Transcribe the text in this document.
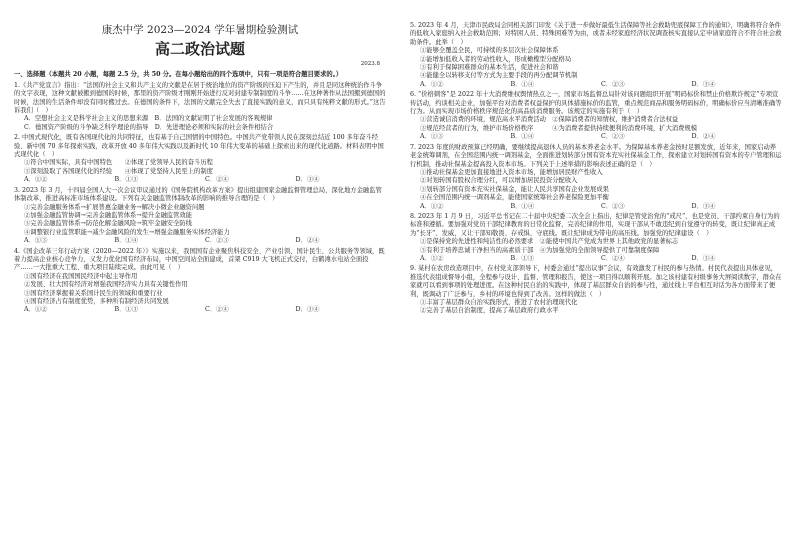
康杰中学 2023—2024 学年暑期检验测试
高二政治试题
2023.8

一、选择题（本题共 20 小题，每题 2.5 分，共 50 分。在每小题给出的四个选项中，只有一项是符合题目要求的。）

1.《共产党宣言》指出：“法国的社会主义和共产主义的文献是在居于统治地位的资产阶级的压迫下产生的，并且是同这种统治作斗争的文字表现，这种文献被搬到德国的时候，那里的资产阶级才刚刚开始进行反对封建专制制度的斗争……在这种著作从法国搬到德国的时候，法国的生活条件却没有同时搬过去。在德国的条件下，法国的文献完全失去了直接实践的意义，而只具有纯粹文献的形式。”这告诉我们（　）

A．空想社会主义是科学社会主义的思想来源　B．法国的文献证明了社会发展的客观规律

C．德国资产阶级的斗争缺乏科学理论的指导　D．先进理论必须和实际的社会条件相结合

2. 中国式现代化，既有各国现代化的共同特征，也有基于自己国情的中国特色。中国共产党带领人民在深刻总结近 100 多年奋斗经验、新中国 70 多年探索实践，改革开放 40 多年伟大实践以及新时代 10 年伟大变革的基础上探索出来的现代化道路。材料表明中国式现代化（　）

①符合中国实际，具有中国特色　　②体现了党领导人民的奋斗历程

③深刻汲取了各国现代化的经验　　④体现了党坚持人民至上的制度

A．①②	B．①③	C．②④	D．③④

3. 2023 年 3 月，十四届全国人大一次会议审议通过的《国务院机构改革方案》提出组建国家金融监督管理总局，深化地方金融监管体制改革，推进高标准市场体系建设。下列有关金融监管体制改革的影响的推导合理的是（　）

①完善金融服务体系→扩展普惠金融业务→解决小微企业融资问题

②加强金融监管协调→完善金融监管体系→提升金融监管效能

③完善金融监管体系→防范化解金融风险→筑牢金融安全防线

④调整银行业监管职能→减少金融风险的发生→增强金融服务实体经济能力

A．①③	B．①④	C．②③	D．②④

4.《国企改革三年行动方案（2020—2022 年）》实施以来，我国国有企业聚焦科技安全、产业引领、国计民生、公共服务等领域，既着力提高企业核心竞争力，又发力优化国有经济布局，中国空间站全面建成，首架 C919 大飞机正式交付，白鹤滩水电站全面投产……一大批重大工程、重大项目陆续完成。由此可见（　）

①国有经济在我国国民经济中起主导作用

②发展、壮大国有经济对增强我国经济实力具有关键性作用

③国有经济掌握着关系国计民生的领域和重要行业

④国有经济占有制度优势，多种所有制经济共同发展

A．①②	B．①③	C．②④	D．③④

5. 2023 年 4 月，天津市民政局会同相关部门印发《关于进一步做好最低生活保障等社会救助兜底保障工作的通知》，明确将符合条件的低收入家庭纳入社会救助范围；对特困人员、特殊困难等为由，或者未经家庭经济状况调查核实直接认定申请家庭符合不符合社会救助条件。此举（　）

①能够全覆盖全民，可持续的多层次社会保障体系

②能增加低收入者的劳动性收入，形成橄榄型分配格局

③有利于保障困难群众的基本生活，促进社会和谐

④能健全以转移支付等方式为主要手段的再分配调节机制

A．①②	B．①④	C．②③	D．③④

6. “价格刺客”是 2022 年十大消费维权舆情热点之一，国家市场监督总局针对该问题组织开展“明码标价和禁止价格欺诈规定”专项宣传活动，约谈相关企业，加强平台对消费者权益保护的具体措施标价的监管，重点规范商品和服务明码标价，明确标价应当清晰准确等行为。从而实现市场价格秩序规范化的高品质消费服务。该规定的实施有利于（　）

①营造诚信消费的环境，规范高水平消费活动　②保障消费者的知情权，维护消费者合法权益

③规范经营者的行为，维护市场价格秩序　　　④为消费者提供持续便利的消费环境，扩大消费规模

A．①③	B．①④	C．②③	D．②④

7. 2023 年度的财政预算已经明确，要继续提高退休人员的基本养老金水平。为保障基本养老金按时足额发放，近年来，国家启动养老金统筹调剂，在全国范围内统一调剂基金，全面推进划转部分国有资本充实社保基金工作，探索建立对划转国有资本的专户管理和运行机制，推动社保基金提高投入资本市场。下列关于上述举措的影响表述正确的是（　）

①推动社保基金更加直接地进入资本市场，能增加居民财产性收入

②对划转国有股权合理分红，可以增加居民投资分配收入

③划转部分国有资本充实社保基金，能让人民共享国有企业发展成果

④在全国范围内统一调剂基金，能使国家统筹社会养老保险更加平衡

A．①②	B．①④	C．②③	D．③④

8. 2023 年 1 月 9 日，习近平总书记在二十届中央纪委二次全会上指出，纪律是管党治党的“戒尺”，也是党员、干部约束自身行为的标准和遵循。要加强对党员干部纪律教育的日常化监督，完善纪律的作用，实现干部从不敢违纪到自觉遵守的转变，既让纪律真正成为“长牙”、发威，又让干部知敬畏、存戒惧、守底线。既让纪律成为带电的高压线。加强党的纪律建设（　）

①是保持党的先进性和纯洁性的必然要求　②能使中国共产党成为世界上其他政党的显著标志

③有利于培养忠诚干净担当的高素质干部　④为加强党的全面领导提供了可靠制度保障

A．①②	B．①③	C．②④	D．③④

9. 某村在农房改造项目中，在村党支部领导下，村委会通过“提出议事”会议，有效激发了村民的参与热情。村民代表提出具体意见，推选代表组成督导小组，全程参与设计、监督、管理和报告，使这一项目得以顺利开展。加之该村建有村级事务大屏阅读数字，群众在家就可以看到事项的处理进度。在这种村民自治的实践中，体现了基层群众自治的参与性，通过线上平台相互对话为各方面带来了便利，既调动了广泛参与，乡村的环境也得到了改善。这样的做法（　）

①丰富了基层群众自治实践形式，推进了农村治理现代化

②完善了基层自治制度，提高了基层政府行政水平
